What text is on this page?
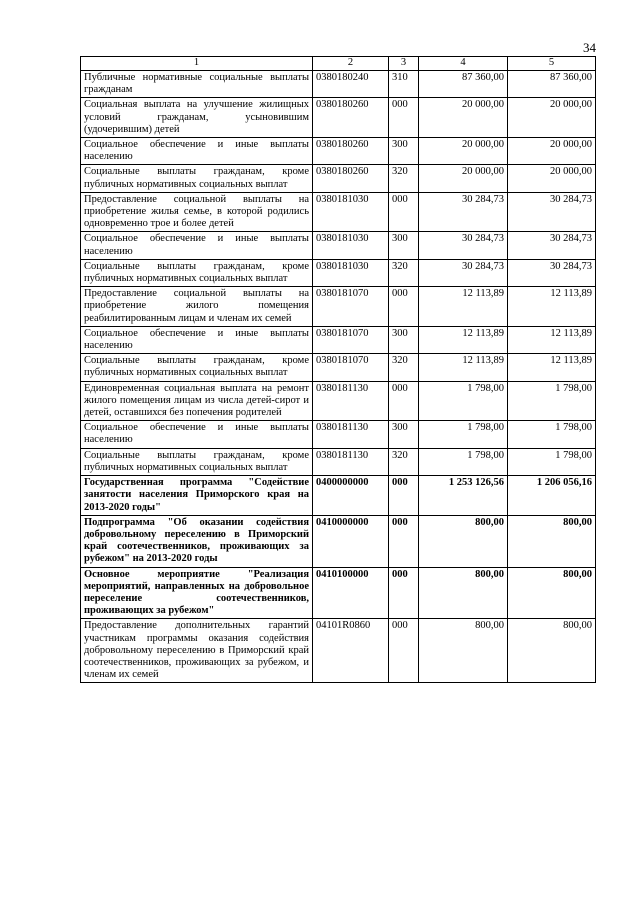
34
1	2	3	4	5
Публичные нормативные социальные выплаты гражданам	0380180240	310	87 360,00	87 360,00
Социальная выплата на улучшение жилищных условий гражданам, усыновившим (удочерившим) детей	0380180260	000	20 000,00	20 000,00
Социальное обеспечение и иные выплаты населению	0380180260	300	20 000,00	20 000,00
Социальные выплаты гражданам, кроме публичных нормативных социальных выплат	0380180260	320	20 000,00	20 000,00
Предоставление социальной выплаты на приобретение жилья семье, в которой родились одновременно трое и более детей	0380181030	000	30 284,73	30 284,73
Социальное обеспечение и иные выплаты населению	0380181030	300	30 284,73	30 284,73
Социальные выплаты гражданам, кроме публичных нормативных социальных выплат	0380181030	320	30 284,73	30 284,73
Предоставление социальной выплаты на приобретение жилого помещения реабилитированным лицам и членам их семей	0380181070	000	12 113,89	12 113,89
Социальное обеспечение и иные выплаты населению	0380181070	300	12 113,89	12 113,89
Социальные выплаты гражданам, кроме публичных нормативных социальных выплат	0380181070	320	12 113,89	12 113,89
Единовременная социальная выплата на ремонт жилого помещения лицам из числа детей-сирот и детей, оставшихся без попечения родителей	0380181130	000	1 798,00	1 798,00
Социальное обеспечение и иные выплаты населению	0380181130	300	1 798,00	1 798,00
Социальные выплаты гражданам, кроме публичных нормативных социальных выплат	0380181130	320	1 798,00	1 798,00
Государственная программа "Содействие занятости населения Приморского края на 2013-2020 годы"	0400000000	000	1 253 126,56	1 206 056,16
Подпрограмма "Об оказании содействия добровольному переселению в Приморский край соотечественников, проживающих за рубежом" на 2013-2020 годы	0410000000	000	800,00	800,00
Основное мероприятие "Реализация мероприятий, направленных на добровольное переселение соотечественников, проживающих за рубежом"	0410100000	000	800,00	800,00
Предоставление дополнительных гарантий участникам программы оказания содействия добровольному переселению в Приморский край соотечественников, проживающих за рубежом, и членам их семей	04101R0860	000	800,00	800,00
